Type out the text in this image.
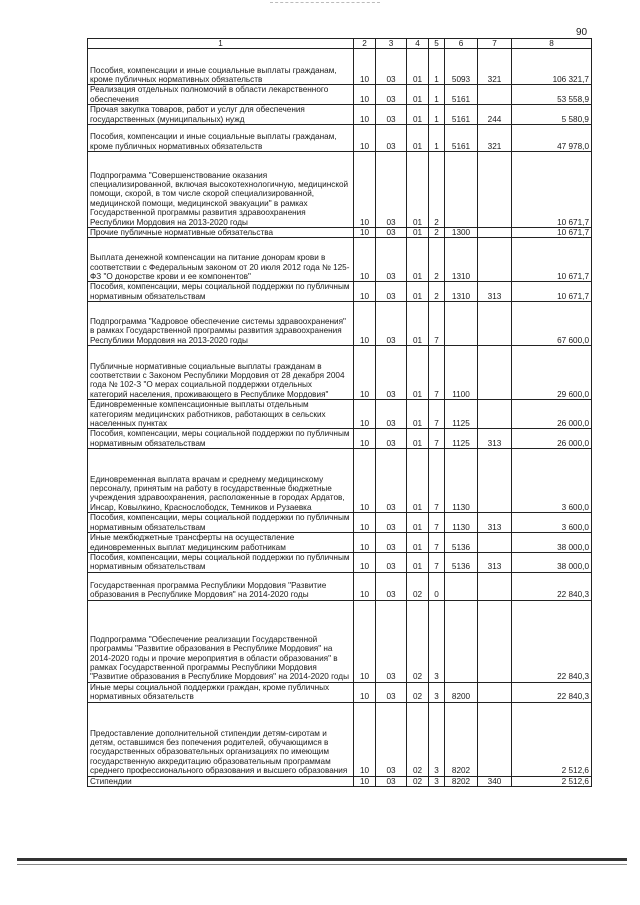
90
1	2	3	4	5	6	7	8
Пособия, компенсации и иные социальные выплаты гражданам, кроме публичных нормативных обязательств	10	03	01	1	5093	321	106 321,7
Реализация отдельных полномочий в области лекарственного обеспечения	10	03	01	1	5161		53 558,9
Прочая закупка товаров, работ и услуг для обеспечения государственных (муниципальных) нужд	10	03	01	1	5161	244	5 580,9
Пособия, компенсации и иные социальные выплаты гражданам, кроме публичных нормативных обязательств	10	03	01	1	5161	321	47 978,0
Подпрограмма "Совершенствование оказания специализированной, включая высокотехнологичную, медицинской помощи, скорой, в том числе скорой специализированной, медицинской помощи, медицинской эвакуации" в рамках Государственной программы развития здравоохранения Республики Мордовия на 2013-2020 годы	10	03	01	2			10 671,7
Прочие публичные нормативные обязательства	10	03	01	2	1300		10 671,7
Выплата денежной компенсации на питание донорам крови в соответствии с Федеральным законом от 20 июля 2012 года № 125-ФЗ "О донорстве крови и ее компонентов"	10	03	01	2	1310		10 671,7
Пособия, компенсации, меры социальной поддержки по публичным нормативным обязательствам	10	03	01	2	1310	313	10 671,7
Подпрограмма "Кадровое обеспечение системы здравоохранения" в рамках Государственной программы развития здравоохранения Республики Мордовия на 2013-2020 годы	10	03	01	7			67 600,0
Публичные нормативные социальные выплаты гражданам в соответствии с Законом Республики Мордовия от 28 декабря 2004 года № 102-З "О мерах социальной поддержки отдельных категорий населения, проживающего в Республике Мордовия"	10	03	01	7	1100		29 600,0
Единовременные компенсационные выплаты отдельным категориям медицинских работников, работающих в сельских населенных пунктах	10	03	01	7	1125		26 000,0
Пособия, компенсации, меры социальной поддержки по публичным нормативным обязательствам	10	03	01	7	1125	313	26 000,0
Единовременная выплата врачам и среднему медицинскому персоналу, принятым на работу в государственные бюджетные учреждения здравоохранения, расположенные в городах Ардатов, Инсар, Ковылкино, Краснослободск, Темников и Рузаевка	10	03	01	7	1130		3 600,0
Пособия, компенсации, меры социальной поддержки по публичным нормативным обязательствам	10	03	01	7	1130	313	3 600,0
Иные межбюджетные трансферты на осуществление единовременных выплат медицинским работникам	10	03	01	7	5136		38 000,0
Пособия, компенсации, меры социальной поддержки по публичным нормативным обязательствам	10	03	01	7	5136	313	38 000,0
Государственная программа Республики Мордовия "Развитие образования в Республике Мордовия" на 2014-2020 годы	10	03	02	0			22 840,3
Подпрограмма "Обеспечение реализации Государственной программы "Развитие образования в Республике Мордовия" на 2014-2020 годы и прочие мероприятия в области образования" в рамках Государственной программы Республики Мордовия "Развитие образования в Республике Мордовия" на 2014-2020 годы	10	03	02	3			22 840,3
Иные меры социальной поддержки граждан, кроме публичных нормативных обязательств	10	03	02	3	8200		22 840,3
Предоставление дополнительной стипендии детям-сиротам и детям, оставшимся без попечения родителей, обучающимся в государственных образовательных организациях по имеющим государственную аккредитацию образовательным программам среднего профессионального образования и высшего образования	10	03	02	3	8202		2 512,6
Стипендии	10	03	02	3	8202	340	2 512,6
